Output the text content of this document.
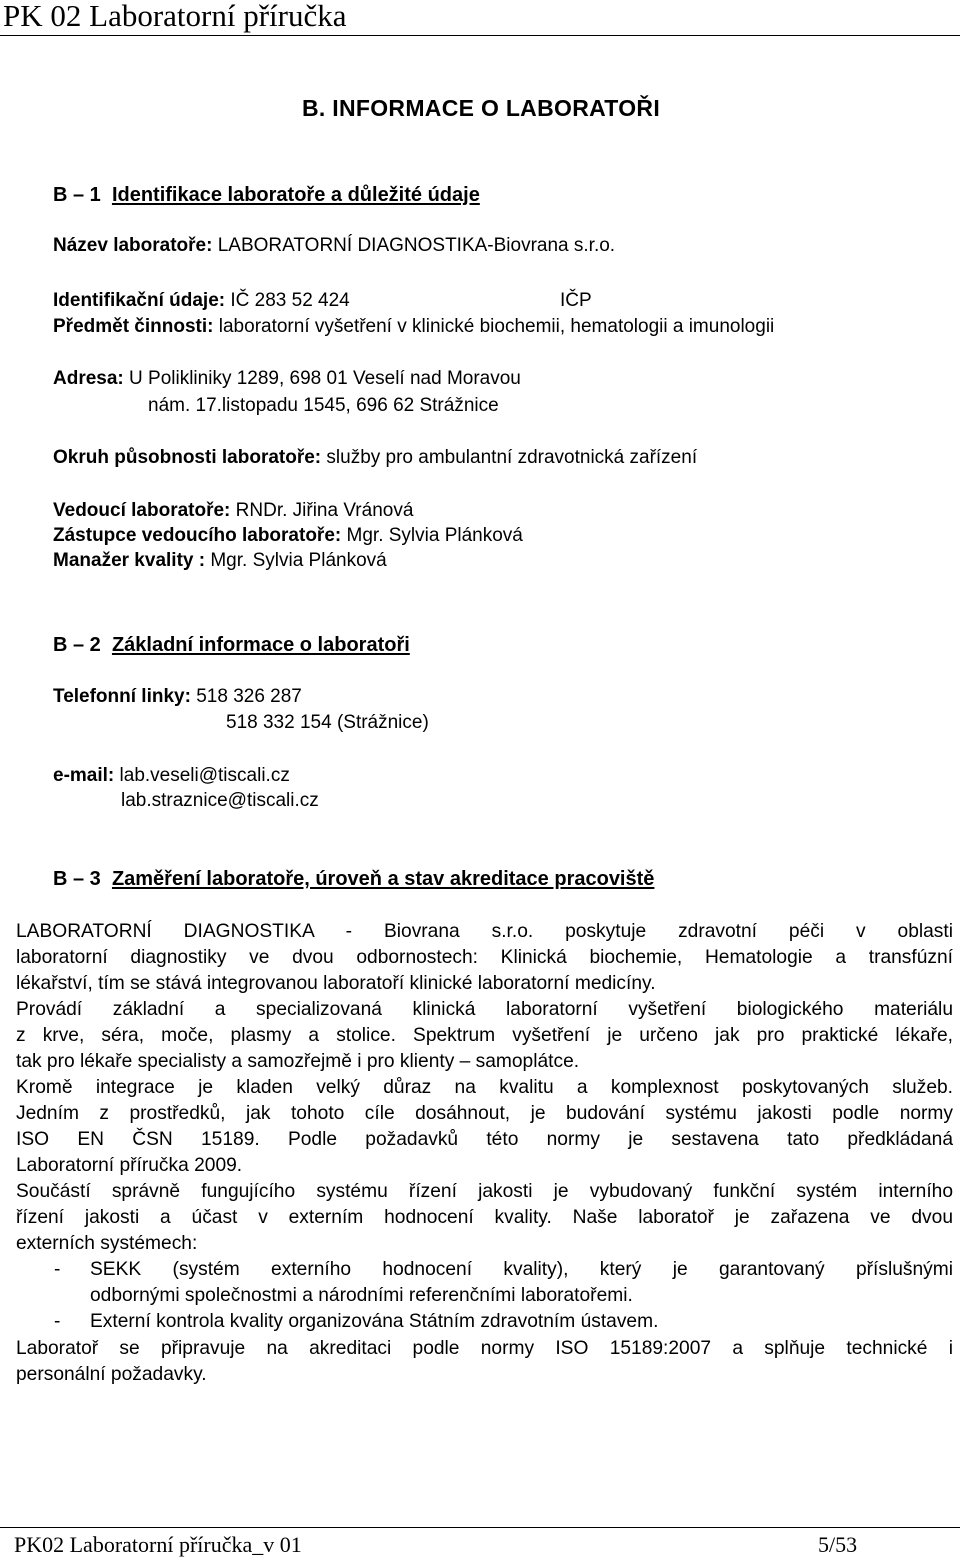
PK 02 Laboratorní příručka
B. INFORMACE O LABORATOŘI
B – 1 Identifikace laboratoře a důležité údaje
Název laboratoře: LABORATORNÍ DIAGNOSTIKA-Biovrana s.r.o.
Identifikační údaje: IČ 283 52 424	IČP
Předmět činnosti: laboratorní vyšetření v klinické biochemii, hematologii a imunologii
Adresa: U Polikliniky 1289, 698 01 Veselí nad Moravou
nám. 17.listopadu 1545, 696 62 Strážnice
Okruh působnosti laboratoře: služby pro ambulantní zdravotnická zařízení
Vedoucí laboratoře: RNDr. Jiřina Vránová
Zástupce vedoucího laboratoře: Mgr. Sylvia Plánková
Manažer kvality : Mgr. Sylvia Plánková
B – 2 Základní informace o laboratoři
Telefonní linky: 518 326 287
518 332 154 (Strážnice)
e-mail: lab.veseli@tiscali.cz
lab.straznice@tiscali.cz
B – 3 Zaměření laboratoře, úroveň a stav akreditace pracoviště
LABORATORNÍ DIAGNOSTIKA - Biovrana s.r.o. poskytuje zdravotní péči v oblasti
laboratorní diagnostiky ve dvou odbornostech: Klinická biochemie, Hematologie a transfúzní
lékařství, tím se stává integrovanou laboratoří klinické laboratorní medicíny.
Provádí základní a specializovaná klinická laboratorní vyšetření biologického materiálu
z krve, séra, moče, plasmy a stolice. Spektrum vyšetření je určeno jak pro praktické lékaře,
tak pro lékaře specialisty a samozřejmě i pro klienty – samoplátce.
Kromě integrace je kladen velký důraz na kvalitu a komplexnost poskytovaných služeb.
Jedním z prostředků, jak tohoto cíle dosáhnout, je budování systému jakosti podle normy
ISO EN ČSN 15189. Podle požadavků této normy je sestavena tato předkládaná
Laboratorní příručka 2009.
Součástí správně fungujícího systému řízení jakosti je vybudovaný funkční systém interního
řízení jakosti a účast v externím hodnocení kvality. Naše laboratoř je zařazena ve dvou
externích systémech:
- SEKK (systém externího hodnocení kvality), který je garantovaný příslušnými
odbornými společnostmi a národními referenčními laboratořemi.
- Externí kontrola kvality organizována Státním zdravotním ústavem.
Laboratoř se připravuje na akreditaci podle normy ISO 15189:2007 a splňuje technické i
personální požadavky.
PK02 Laboratorní příručka_v 01	5/53
